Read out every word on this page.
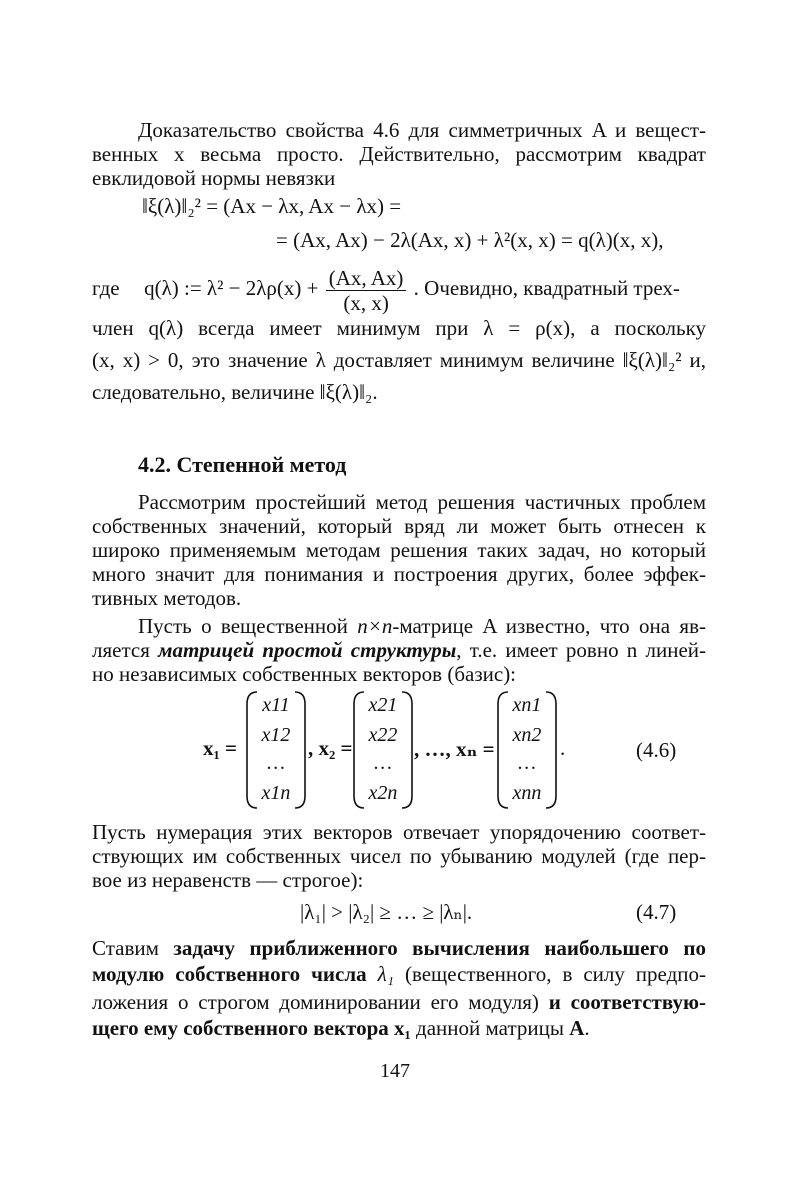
Доказательство свойства 4.6 для симметричных A и вещест-
венных x весьма просто. Действительно, рассмотрим квадрат
евклидовой нормы невязки
‖ξ(λ)‖₂² = (Ax − λx, Ax − λx) =
= (Ax, Ax) − 2λ(Ax, x) + λ²(x, x) = q(λ)(x, x),
где q(λ) := $\lambda^2 - 2\lambda\rho(x) + \frac{(Ax, Ax)}{(x, x)}$ . Очевидно, квадратный трех-
член q(λ) всегда имеет минимум при λ = ρ(x), а поскольку
(x, x) > 0, это значение λ доставляет минимум величине ‖ξ(λ)‖₂² и,
следовательно, величине ‖ξ(λ)‖₂.
4.2. Степенной метод
Рассмотрим простейший метод решения частичных проблем
собственных значений, который вряд ли может быть отнесен к
широко применяемым методам решения таких задач, но который
много значит для понимания и построения других, более эффек-
тивных методов.
Пусть о вещественной n×n-матрице A известно, что она яв-
ляется матрицей простой структуры, т.е. имеет ровно n линей-
но независимых собственных векторов (базис):
x₁ =
x11
x12
…
x1n
, x₂ =
x21
x22
…
x2n
, …, xₙ =
xn1
xn2
…
xnn
.	(4.6)
Пусть нумерация этих векторов отвечает упорядочению соответ-
ствующих им собственных чисел по убыванию модулей (где пер-
вое из неравенств — строгое):
|λ₁| > |λ₂| ≥ … ≥ |λₙ|.	(4.7)
Ставим задачу приближенного вычисления наибольшего по
модулю собственного числа λ₁ (вещественного, в силу предпо-
ложения о строгом доминировании его модуля) и соответствую-
щего ему собственного вектора x₁ данной матрицы A.
147
